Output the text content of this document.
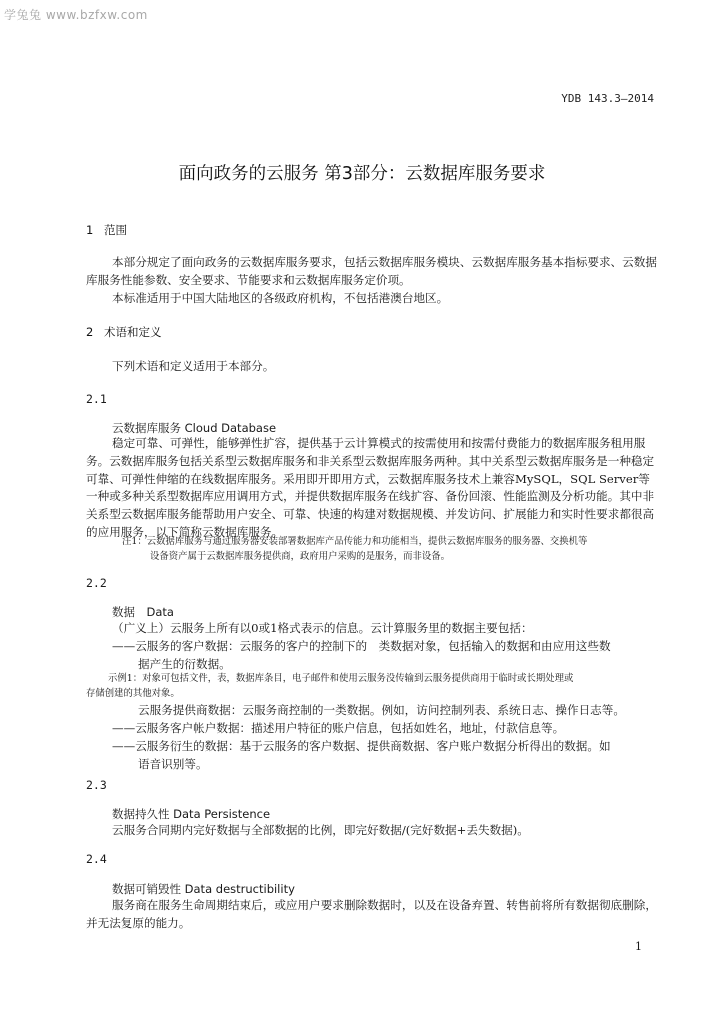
学兔兔 www.bzfxw.com
YDB 143.3—2014
面向政务的云服务 第3部分：云数据库服务要求
1 范围
本部分规定了面向政务的云数据库服务要求，包括云数据库服务模块、云数据库服务基本指标要求、云数据库服务性能参数、安全要求、节能要求和云数据库服务定价项。
本标准适用于中国大陆地区的各级政府机构，不包括港澳台地区。
2 术语和定义
下列术语和定义适用于本部分。
2.1
云数据库服务 Cloud Database
稳定可靠、可弹性，能够弹性扩容，提供基于云计算模式的按需使用和按需付费能力的数据库服务租用服务。云数据库服务包括关系型云数据库服务和非关系型云数据库服务两种。其中关系型云数据库服务是一种稳定可靠、可弹性伸缩的在线数据库服务。采用即开即用方式，云数据库服务技术上兼容MySQL，SQL Server等一种或多种关系型数据库应用调用方式，并提供数据库服务在线扩容、备份回滚、性能监测及分析功能。其中非关系型云数据库服务能帮助用户安全、可靠、快速的构建对数据规模、并发访问、扩展能力和实时性要求都很高的应用服务，以下简称云数据库服务。
注1：云数据库服务与通过服务器安装部署数据库产品传能力和功能相当，提供云数据库服务的服务器、交换机等
设备资产属于云数据库服务提供商，政府用户采购的是服务，而非设备。
2.2
数据　Data
（广义上）云服务上所有以0或1格式表示的信息。云计算服务里的数据主要包括：
——云服务的客户数据：云服务的客户的控制下的　类数据对象，包括输入的数据和由应用这些数
据产生的衍数据。
示例1：对象可包括文件，表，数据库条目，电子邮件和使用云服务没传输到云服务提供商用于临时或长期处理或
存储创建的其他对象。
云服务提供商数据：云服务商控制的一类数据。例如，访问控制列表、系统日志、操作日志等。
——云服务客户帐户数据：描述用户特征的账户信息，包括如姓名，地址，付款信息等。
——云服务衍生的数据：基于云服务的客户数据、提供商数据、客户账户数据分析得出的数据。如
语音识别等。
2.3
数据持久性 Data Persistence
云服务合同期内完好数据与全部数据的比例，即完好数据/(完好数据+丢失数据)。
2.4
数据可销毁性 Data destructibility
服务商在服务生命周期结束后，或应用户要求删除数据时，以及在设备弃置、转售前将所有数据彻底删除，并无法复原的能力。
1
